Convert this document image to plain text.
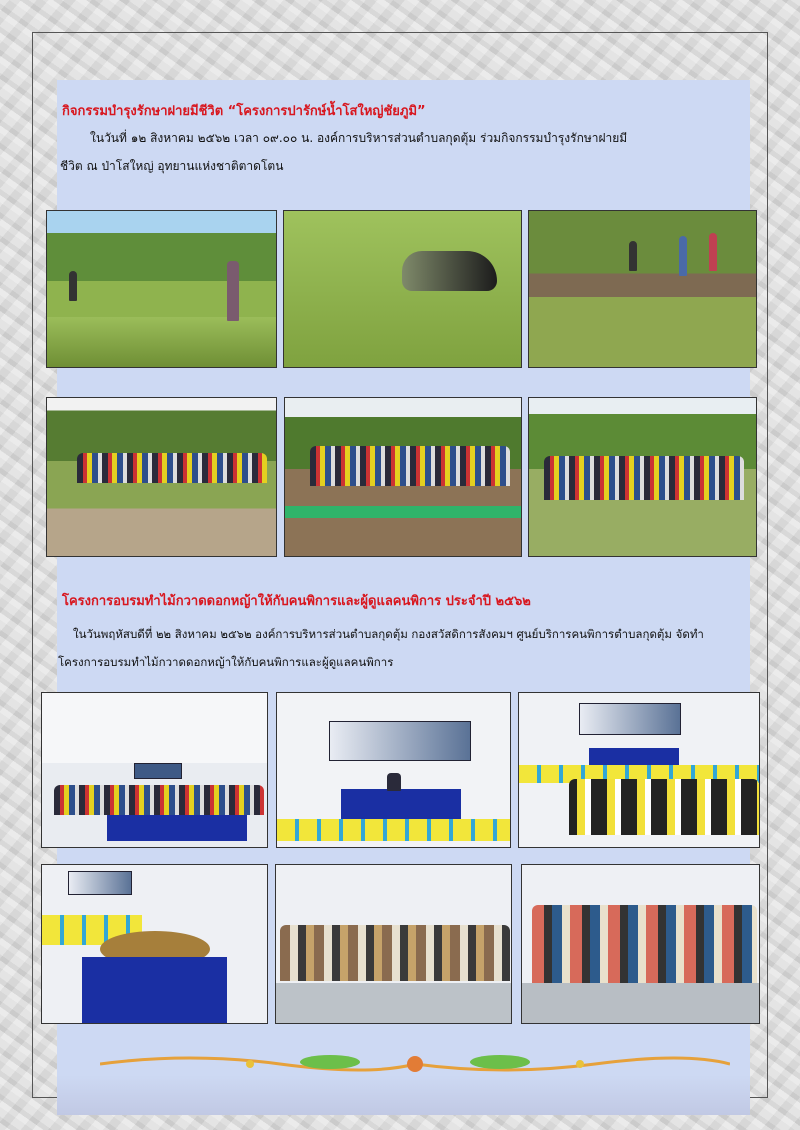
กิจกรรมบำรุงรักษาฝายมีชีวิต “โครงการปารักษ์น้ำโสใหญ่ชัยภูมิ”

ในวันที่ ๑๒ สิงหาคม ๒๕๖๒ เวลา ๐๙.๐๐ น. องค์การบริหารส่วนตำบลกุดตุ้ม ร่วมกิจกรรมบำรุงรักษาฝายมี
ชีวิต ณ ป่าโสใหญ่ อุทยานแห่งชาติตาดโตน

โครงการอบรมทำไม้กวาดดอกหญ้าให้กับคนพิการและผู้ดูแลคนพิการ ประจำปี ๒๕๖๒

ในวันพฤหัสบดีที่ ๒๒ สิงหาคม ๒๕๖๒ องค์การบริหารส่วนตำบลกุดตุ้ม กองสวัสดิการสังคมฯ ศูนย์บริการคนพิการตำบลกุดตุ้ม จัดทำ
โครงการอบรมทำไม้กวาดดอกหญ้าให้กับคนพิการและผู้ดูแลคนพิการ
